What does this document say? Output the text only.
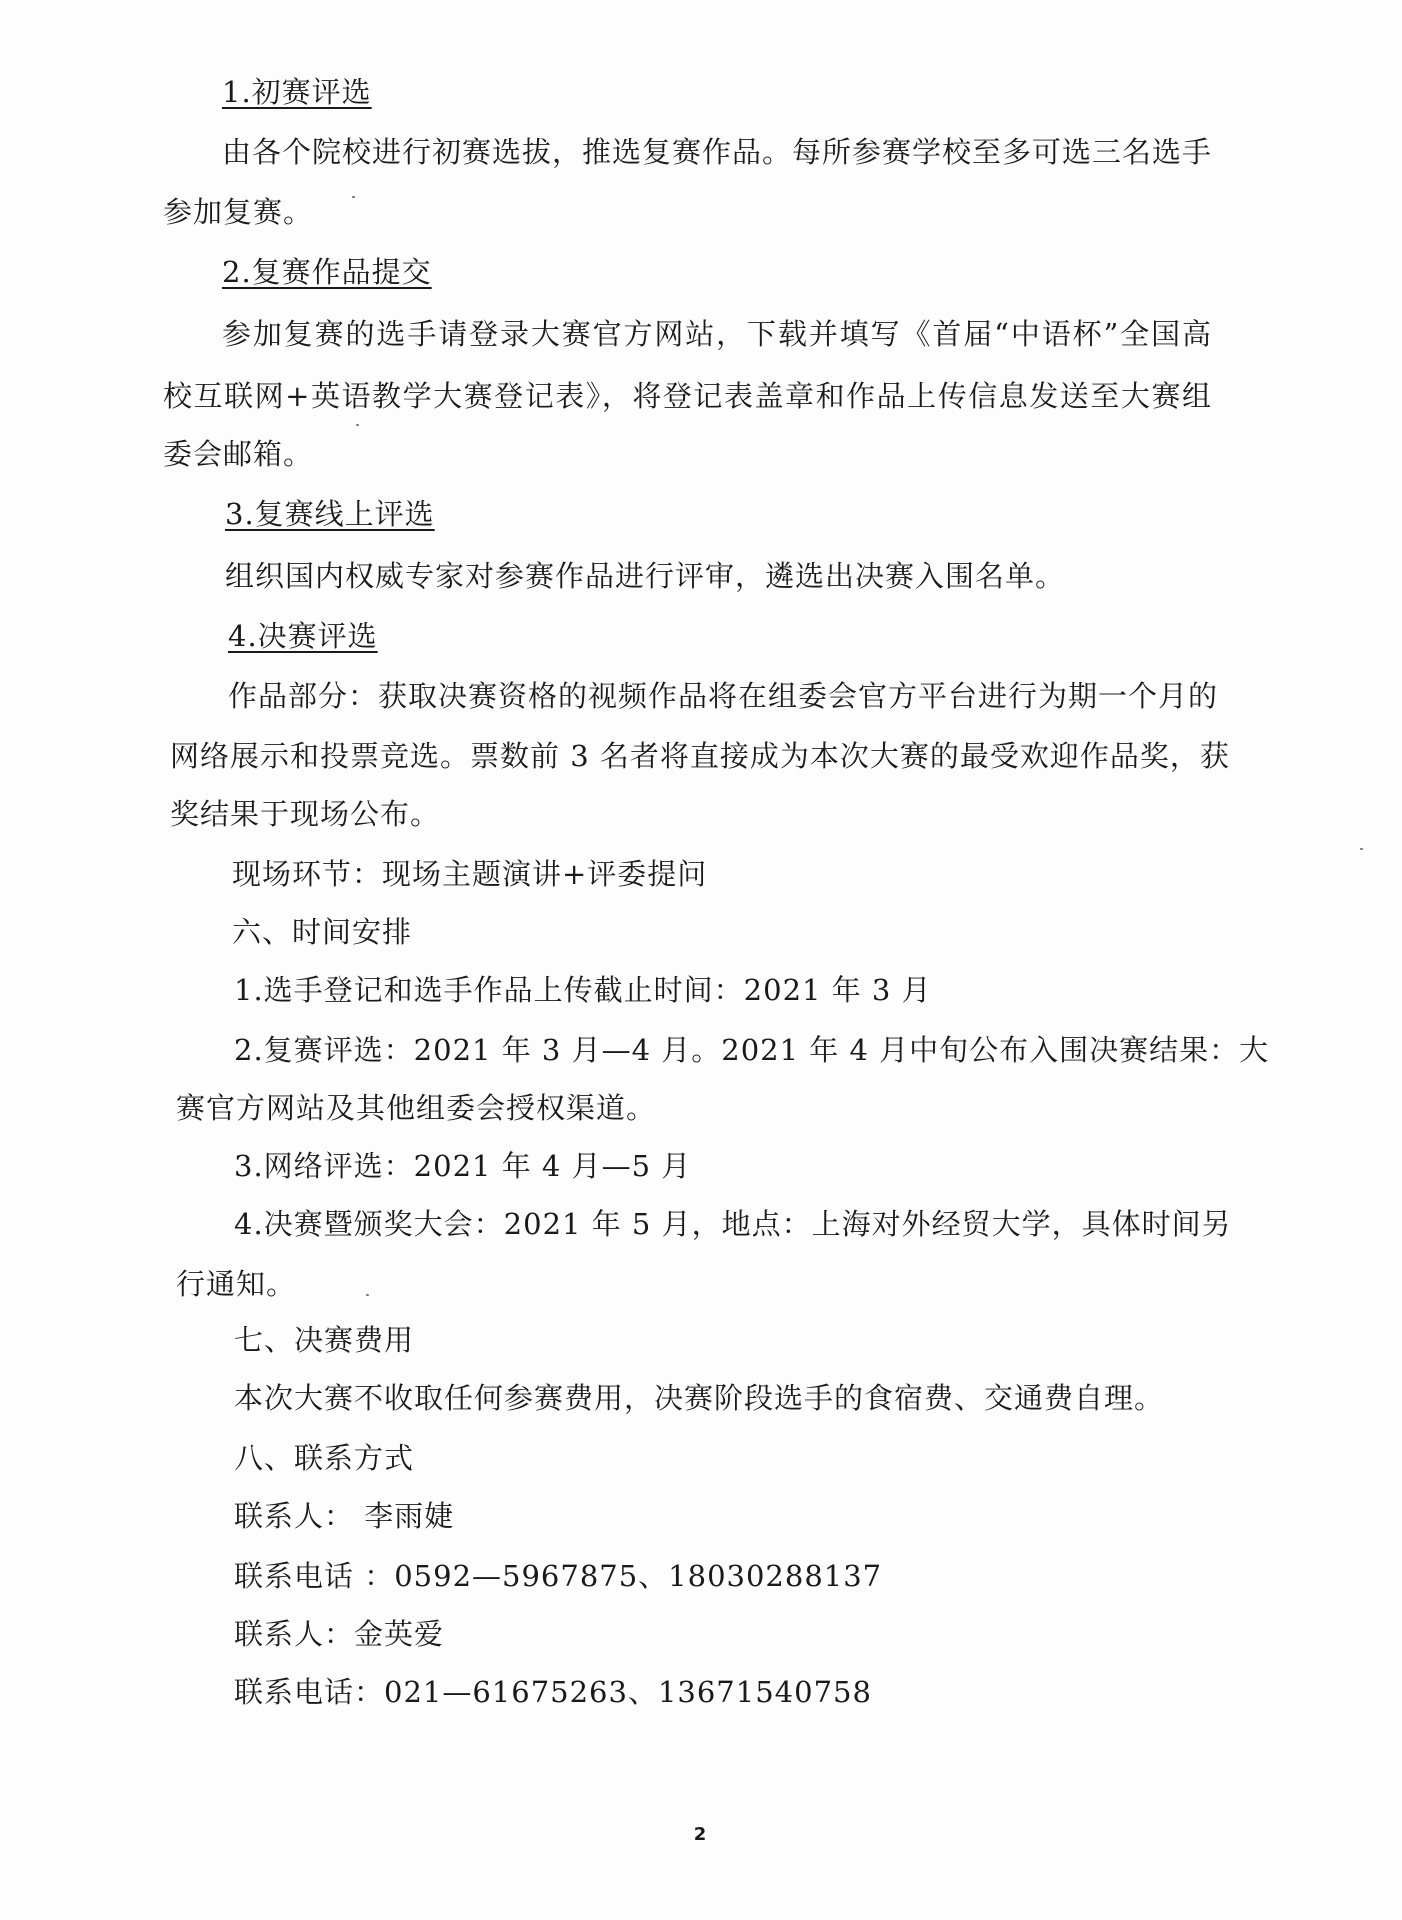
1.初赛评选
由各个院校进行初赛选拔，推选复赛作品。每所参赛学校至多可选三名选手
参加复赛。
2.复赛作品提交
参加复赛的选手请登录大赛官方网站，下载并填写《首届“中语杯”全国高
校互联网+英语教学大赛登记表》，将登记表盖章和作品上传信息发送至大赛组
委会邮箱。
3.复赛线上评选
组织国内权威专家对参赛作品进行评审，遴选出决赛入围名单。
4.决赛评选
作品部分：获取决赛资格的视频作品将在组委会官方平台进行为期一个月的
网络展示和投票竞选。票数前 3 名者将直接成为本次大赛的最受欢迎作品奖，获
奖结果于现场公布。
现场环节：现场主题演讲+评委提问
六、时间安排
1.选手登记和选手作品上传截止时间：2021 年 3 月
2.复赛评选：2021 年 3 月—4 月。2021 年 4 月中旬公布入围决赛结果：大
赛官方网站及其他组委会授权渠道。
3.网络评选：2021 年 4 月—5 月
4.决赛暨颁奖大会：2021 年 5 月，地点：上海对外经贸大学，具体时间另
行通知。
七、决赛费用
本次大赛不收取任何参赛费用，决赛阶段选手的食宿费、交通费自理。
八、联系方式
联系人： 李雨婕
联系电话 ：0592—5967875、18030288137
联系人：金英爱
联系电话：021—61675263、13671540758
2
